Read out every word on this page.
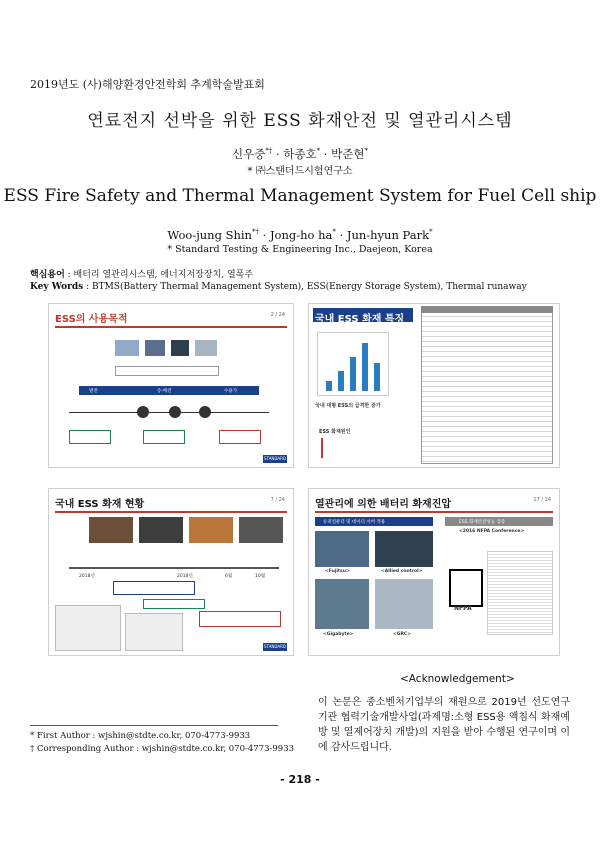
2019년도 (사)해양환경안전학회 추계학술발표회
연료전지 선박을 위한 ESS 화재안전 및 열관리시스템
신우중*† · 하종호* · 박준현*
* ㈜스탠더드시험연구소
ESS Fire Safety and Thermal Management System for Fuel Cell ship
Woo-jung Shin*† · Jong-ho ha* · Jun-hyun Park*
* Standard Testing & Engineering Inc., Daejeon, Korea
핵심용어 : 배터리 열관리시스템, 에너지저장장치, 열폭주
Key Words : BTMS(Battery Thermal Management System), ESS(Energy Storage System), Thermal runaway
ESS의 사용목적	2 / 24
발전	송·배전	수용가
STANDARD
국내 ESS 화재 특징
국내 대형 ESS의 급격한 증가
ESS 화재원인
국내 ESS 화재 현황	7 / 24
2018년	2018년	6월	10월
STANDARD
열관리에 의한 배터리 화재진압	17 / 24
슈퍼컴퓨터 및 데이터 서버 적용	ESS 화재안전성능 검증
<Fujitsu>	<Allied control>
<Gigabyte>	<GRC>
<2016 NFPA Conference>
NFPA
<Acknowledgement>
이 논문은 중소벤처기업부의 재원으로 2019년 선도연구기관 협력기술개발사업(과제명:소형 ESS용 액침식 화재예방 및 열제어장치 개발)의 지원을 받아 수행된 연구이며 이에 감사드립니다.
* First Author : wjshin@stdte.co.kr, 070-4773-9933
† Corresponding Author : wjshin@stdte.co.kr, 070-4773-9933
- 218 -
